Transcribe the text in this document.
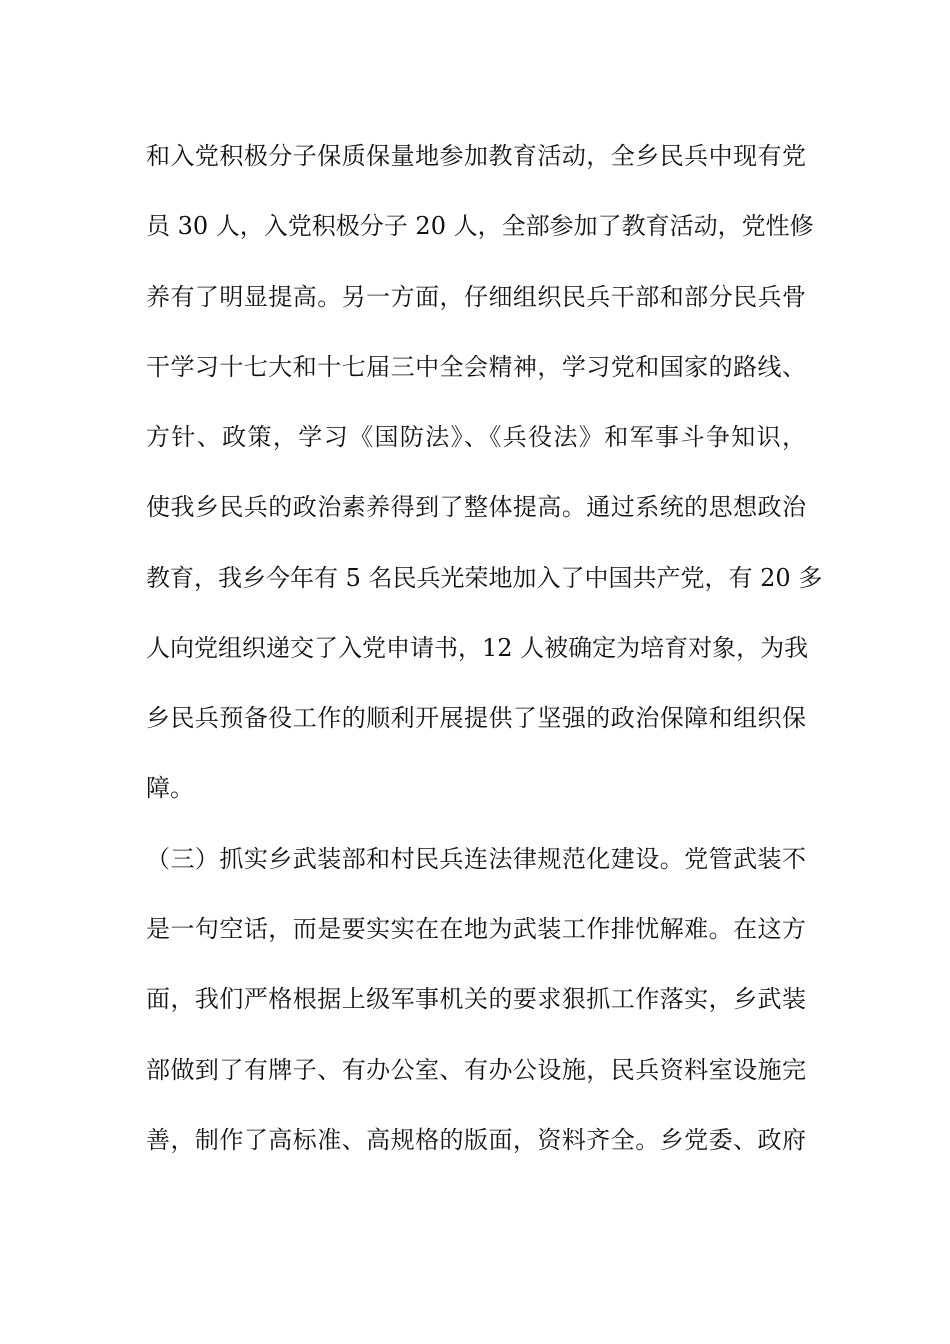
和入党积极分子保质保量地参加教育活动，全乡民兵中现有党
员 30 人，入党积极分子 20 人，全部参加了教育活动，党性修
养有了明显提高。另一方面，仔细组织民兵干部和部分民兵骨
干学习十七大和十七届三中全会精神，学习党和国家的路线、
方针、政策，学习《国防法》、《兵役法》和军事斗争知识，
使我乡民兵的政治素养得到了整体提高。通过系统的思想政治
教育，我乡今年有 5 名民兵光荣地加入了中国共产党，有 20 多
人向党组织递交了入党申请书，12 人被确定为培育对象，为我
乡民兵预备役工作的顺利开展提供了坚强的政治保障和组织保
障。
（三）抓实乡武装部和村民兵连法律规范化建设。党管武装不
是一句空话，而是要实实在在地为武装工作排忧解难。在这方
面，我们严格根据上级军事机关的要求狠抓工作落实，乡武装
部做到了有牌子、有办公室、有办公设施，民兵资料室设施完
善，制作了高标准、高规格的版面，资料齐全。乡党委、政府
